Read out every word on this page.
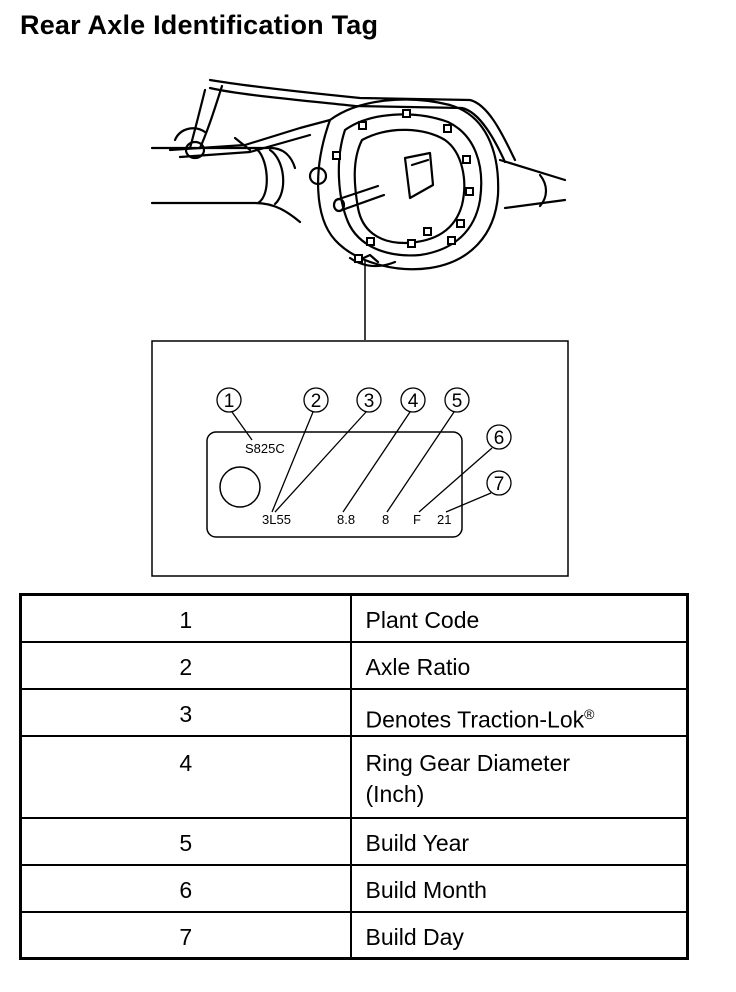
Rear Axle Identification Tag
S825C
3L55	8.8 8 F 21
1	2 3 4 5
6
7
1	Plant Code
2	Axle Ratio
3	Denotes Traction-Lok®
4	Ring Gear Diameter
(Inch)

5	Build Year
6	Build Month
7	Build Day
